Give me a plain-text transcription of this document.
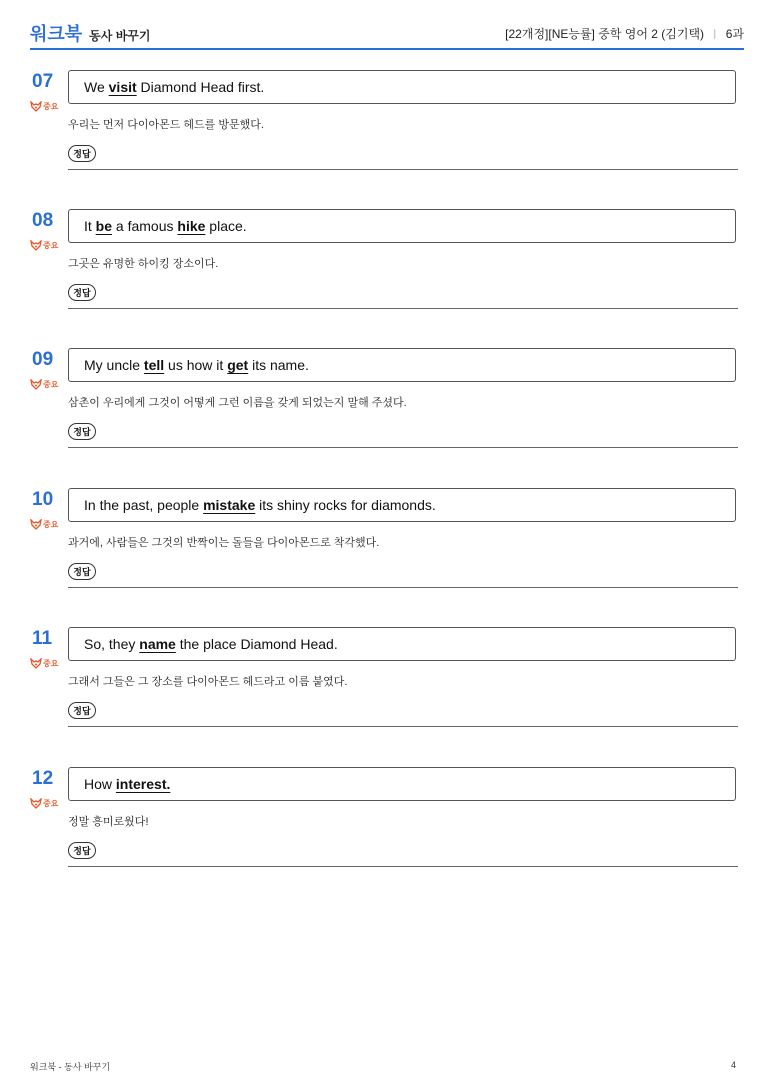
워크북 동사 바꾸기	[22개정][NE능률] 중학 영어 2 (김기택) ㅣ 6과
07
중요
We visit Diamond Head first.
우리는 먼저 다이아몬드 헤드를 방문했다.
정답
08
중요
It be a famous hike place.
그곳은 유명한 하이킹 장소이다.
정답
09
중요
My uncle tell us how it get its name.
삼촌이 우리에게 그것이 어떻게 그런 이름을 갖게 되었는지 말해 주셨다.
정답
10
중요
In the past, people mistake its shiny rocks for diamonds.
과거에, 사람들은 그것의 반짝이는 돌들을 다이아몬드로 착각했다.
정답
11
중요
So, they name the place Diamond Head.
그래서 그들은 그 장소를 다이아몬드 헤드라고 이름 붙였다.
정답
12
중요
How interest.
정말 흥미로웠다!
정답
워크북 - 동사 바꾸기	4
